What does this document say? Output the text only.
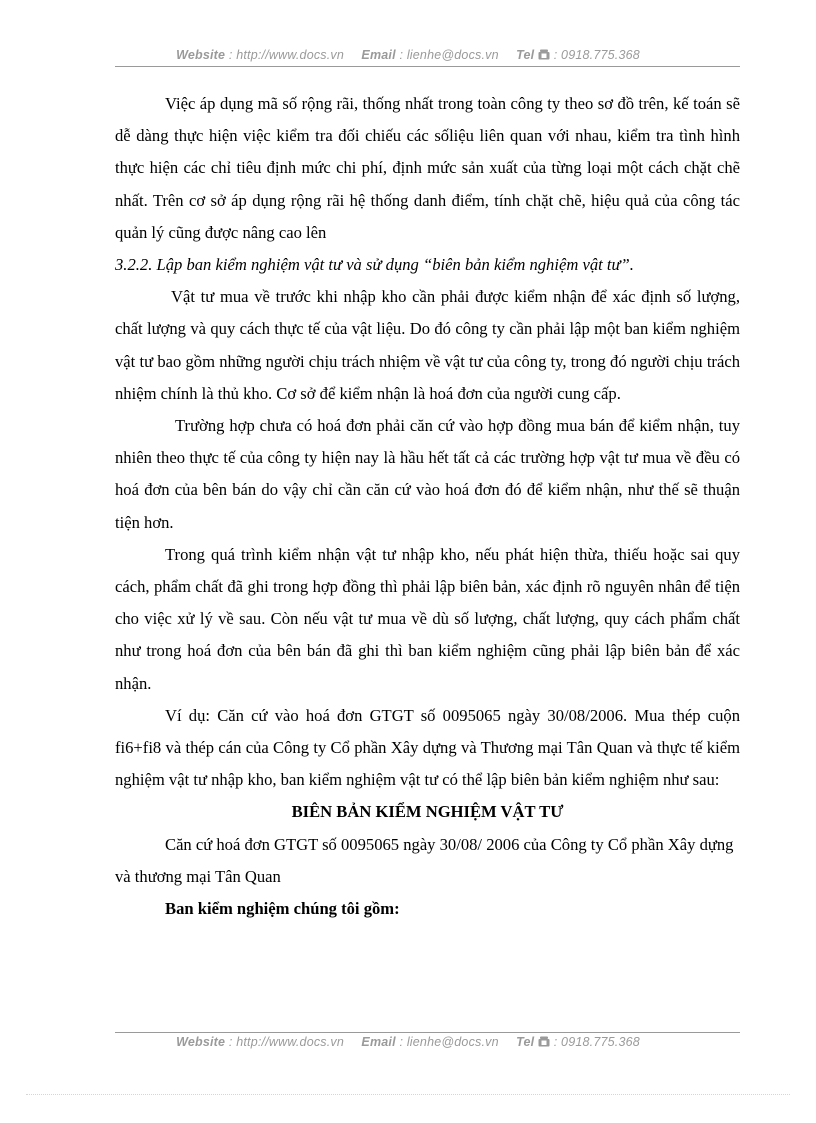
Website : http://www.docs.vn Email : lienhe@docs.vn Tel : 0918.775.368

Việc áp dụng mã số rộng rãi, thống nhất trong toàn công ty theo sơ đồ trên, kế toán sẽ dễ dàng thực hiện việc kiểm tra đối chiếu các sốliệu liên quan với nhau, kiểm tra tình hình thực hiện các chỉ tiêu định mức chi phí, định mức sản xuất của từng loại một cách chặt chẽ nhất. Trên cơ sở áp dụng rộng rãi hệ thống danh điểm, tính chặt chẽ, hiệu quả của công tác quản lý cũng được nâng cao lên

3.2.2. Lập ban kiểm nghiệm vật tư và sử dụng “biên bản kiểm nghiệm vật tư”.

Vật tư mua về trước khi nhập kho cần phải được kiểm nhận để xác định số lượng, chất lượng và quy cách thực tế của vật liệu. Do đó công ty cần phải lập một ban kiểm nghiệm vật tư bao gồm những người chịu trách nhiệm về vật tư của công ty, trong đó người chịu trách nhiệm chính là thủ kho. Cơ sở để kiểm nhận là hoá đơn của người cung cấp.

Trường hợp chưa có hoá đơn phải căn cứ vào hợp đồng mua bán để kiểm nhận, tuy nhiên theo thực tế của công ty hiện nay là hầu hết tất cả các trường hợp vật tư mua về đều có hoá đơn của bên bán do vậy chỉ cần căn cứ vào hoá đơn đó để kiểm nhận, như thế sẽ thuận tiện hơn.

Trong quá trình kiểm nhận vật tư nhập kho, nếu phát hiện thừa, thiếu hoặc sai quy cách, phẩm chất đã ghi trong hợp đồng thì phải lập biên bản, xác định rõ nguyên nhân để tiện cho việc xử lý về sau. Còn nếu vật tư mua về dù số lượng, chất lượng, quy cách phẩm chất như trong hoá đơn của bên bán đã ghi thì ban kiểm nghiệm cũng phải lập biên bản để xác nhận.

Ví dụ: Căn cứ vào hoá đơn GTGT số 0095065 ngày 30/08/2006. Mua thép cuộn fi6+fi8 và thép cán của Công ty Cổ phần Xây dựng và Thương mại Tân Quan và thực tế kiểm nghiệm vật tư nhập kho, ban kiểm nghiệm vật tư có thể lập biên bản kiểm nghiệm như sau:

BIÊN BẢN KIỂM NGHIỆM VẬT TƯ

Căn cứ hoá đơn GTGT số 0095065 ngày 30/08/ 2006 của Công ty Cổ phần Xây dựng và thương mại Tân Quan

Ban kiểm nghiệm chúng tôi gồm:

Website : http://www.docs.vn Email : lienhe@docs.vn Tel : 0918.775.368
